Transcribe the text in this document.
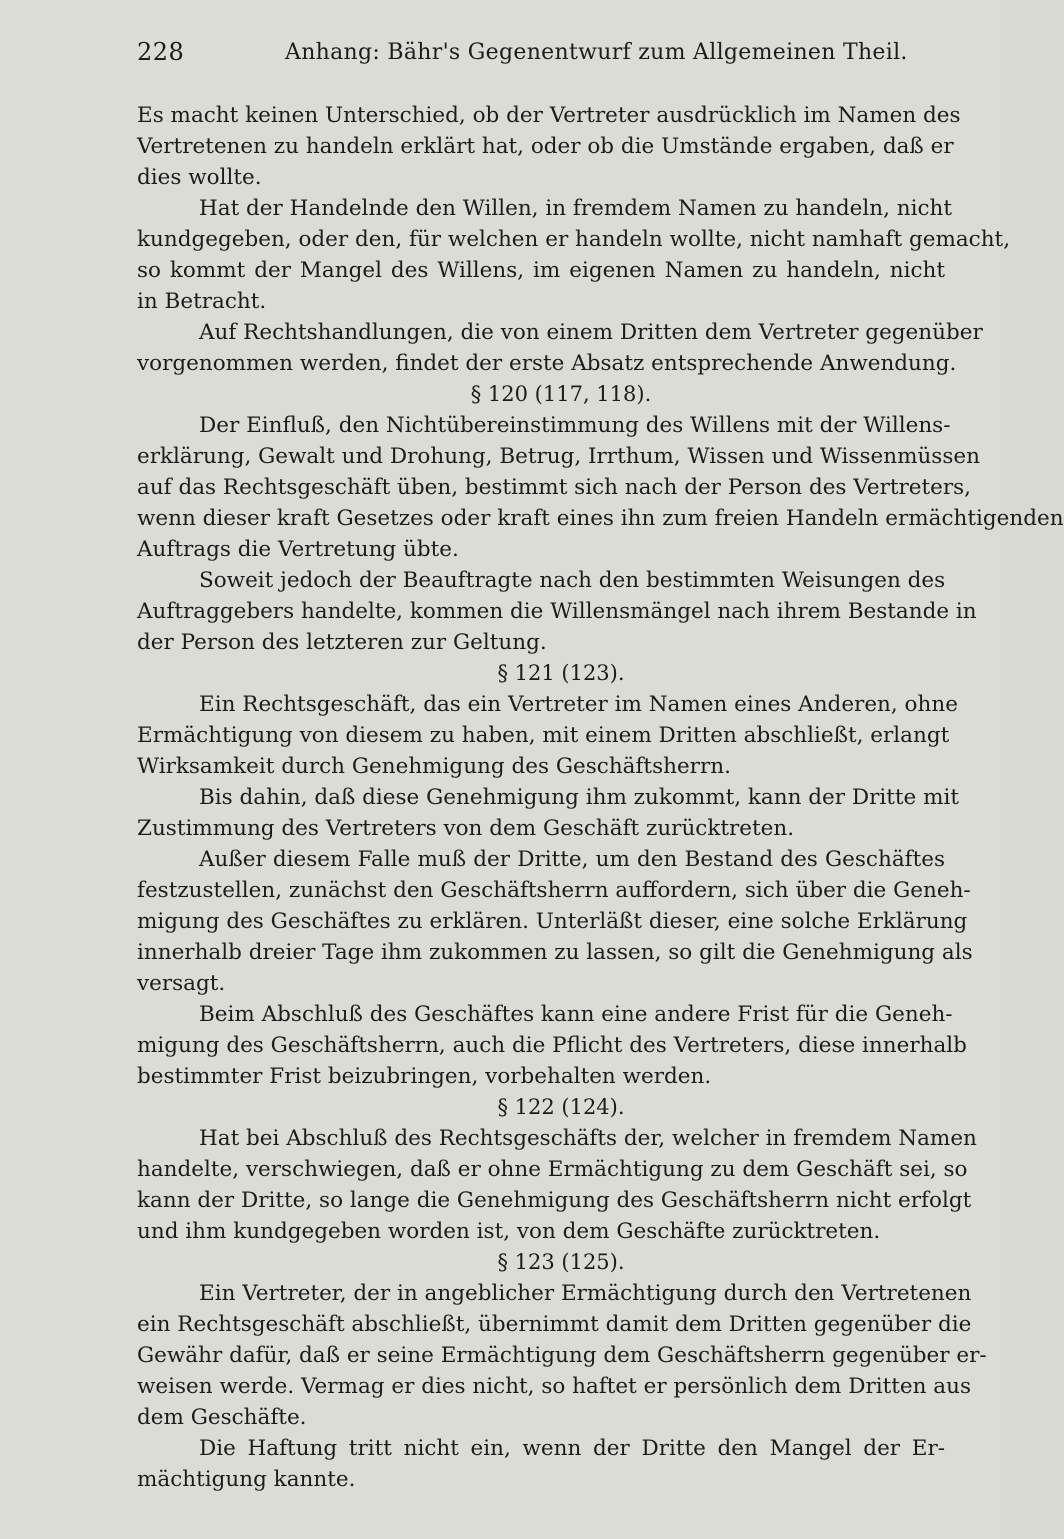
228	Anhang: Bähr's Gegenentwurf zum Allgemeinen Theil.
Es macht keinen Unterschied, ob der Vertreter ausdrücklich im Namen des
Vertretenen zu handeln erklärt hat, oder ob die Umstände ergaben, daß er
dies wollte.
Hat der Handelnde den Willen, in fremdem Namen zu handeln, nicht
kundgegeben, oder den, für welchen er handeln wollte, nicht namhaft gemacht,
so kommt der Mangel des Willens, im eigenen Namen zu handeln, nicht
in Betracht.
Auf Rechtshandlungen, die von einem Dritten dem Vertreter gegenüber
vorgenommen werden, findet der erste Absatz entsprechende Anwendung.
§ 120 (117, 118).
Der Einfluß, den Nichtübereinstimmung des Willens mit der Willens-
erklärung, Gewalt und Drohung, Betrug, Irrthum, Wissen und Wissenmüssen
auf das Rechtsgeschäft üben, bestimmt sich nach der Person des Vertreters,
wenn dieser kraft Gesetzes oder kraft eines ihn zum freien Handeln ermächtigenden
Auftrags die Vertretung übte.
Soweit jedoch der Beauftragte nach den bestimmten Weisungen des
Auftraggebers handelte, kommen die Willensmängel nach ihrem Bestande in
der Person des letzteren zur Geltung.
§ 121 (123).
Ein Rechtsgeschäft, das ein Vertreter im Namen eines Anderen, ohne
Ermächtigung von diesem zu haben, mit einem Dritten abschließt, erlangt
Wirksamkeit durch Genehmigung des Geschäftsherrn.
Bis dahin, daß diese Genehmigung ihm zukommt, kann der Dritte mit
Zustimmung des Vertreters von dem Geschäft zurücktreten.
Außer diesem Falle muß der Dritte, um den Bestand des Geschäftes
festzustellen, zunächst den Geschäftsherrn auffordern, sich über die Geneh-
migung des Geschäftes zu erklären. Unterläßt dieser, eine solche Erklärung
innerhalb dreier Tage ihm zukommen zu lassen, so gilt die Genehmigung als
versagt.
Beim Abschluß des Geschäftes kann eine andere Frist für die Geneh-
migung des Geschäftsherrn, auch die Pflicht des Vertreters, diese innerhalb
bestimmter Frist beizubringen, vorbehalten werden.
§ 122 (124).
Hat bei Abschluß des Rechtsgeschäfts der, welcher in fremdem Namen
handelte, verschwiegen, daß er ohne Ermächtigung zu dem Geschäft sei, so
kann der Dritte, so lange die Genehmigung des Geschäftsherrn nicht erfolgt
und ihm kundgegeben worden ist, von dem Geschäfte zurücktreten.
§ 123 (125).
Ein Vertreter, der in angeblicher Ermächtigung durch den Vertretenen
ein Rechtsgeschäft abschließt, übernimmt damit dem Dritten gegenüber die
Gewähr dafür, daß er seine Ermächtigung dem Geschäftsherrn gegenüber er-
weisen werde. Vermag er dies nicht, so haftet er persönlich dem Dritten aus
dem Geschäfte.
Die Haftung tritt nicht ein, wenn der Dritte den Mangel der Er-
mächtigung kannte.
